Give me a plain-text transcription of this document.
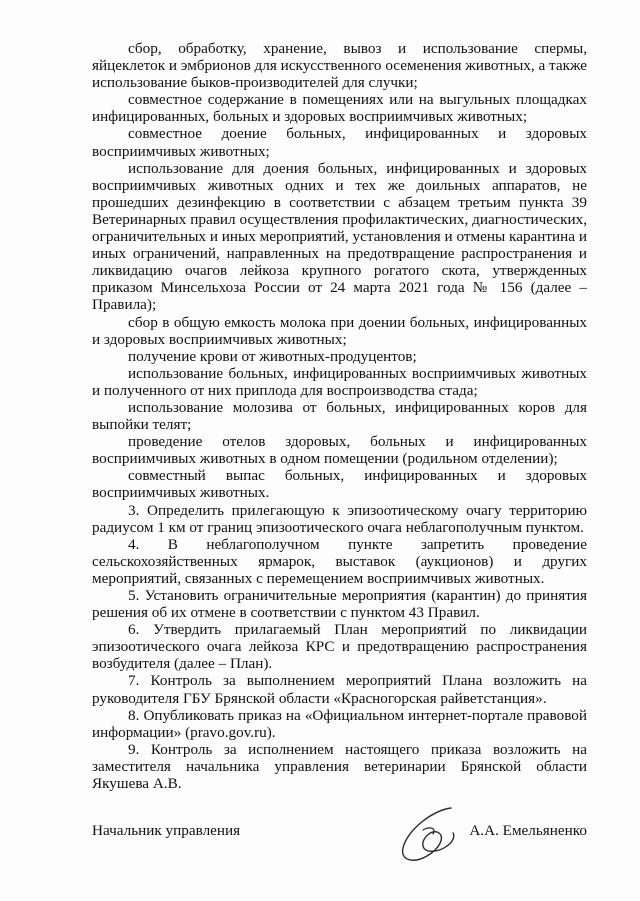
сбор, обработку, хранение, вывоз и использование спермы, яйцеклеток и эмбрионов для искусственного осеменения животных, а также использование быков-производителей для случки;

совместное содержание в помещениях или на выгульных площадках инфицированных, больных и здоровых восприимчивых животных;

совместное доение больных, инфицированных и здоровых восприимчивых животных;

использование для доения больных, инфицированных и здоровых восприимчивых животных одних и тех же доильных аппаратов, не прошедших дезинфекцию в соответствии с абзацем третьим пункта 39 Ветеринарных правил осуществления профилактических, диагностических, ограничительных и иных мероприятий, установления и отмены карантина и иных ограничений, направленных на предотвращение распространения и ликвидацию очагов лейкоза крупного рогатого скота, утвержденных приказом Минсельхоза России от 24 марта 2021 года № 156 (далее – Правила);

сбор в общую емкость молока при доении больных, инфицированных и здоровых восприимчивых животных;

получение крови от животных-продуцентов;

использование больных, инфицированных восприимчивых животных и полученного от них приплода для воспроизводства стада;

использование молозива от больных, инфицированных коров для выпойки телят;

проведение отелов здоровых, больных и инфицированных восприимчивых животных в одном помещении (родильном отделении);

совместный выпас больных, инфицированных и здоровых восприимчивых животных.

3. Определить прилегающую к эпизоотическому очагу территорию радиусом 1 км от границ эпизоотического очага неблагополучным пунктом.

4. В неблагополучном пункте запретить проведение сельскохозяйственных ярмарок, выставок (аукционов) и других мероприятий, связанных с перемещением восприимчивых животных.

5. Установить ограничительные мероприятия (карантин) до принятия решения об их отмене в соответствии с пунктом 43 Правил.

6. Утвердить прилагаемый План мероприятий по ликвидации эпизоотического очага лейкоза КРС и предотвращению распространения возбудителя (далее – План).

7. Контроль за выполнением мероприятий Плана возложить на руководителя ГБУ Брянской области «Красногорская райветстанция».

8. Опубликовать приказ на «Официальном интернет-портале правовой информации» (pravo.gov.ru).

9. Контроль за исполнением настоящего приказа возложить на заместителя начальника управления ветеринарии Брянской области Якушева А.В.

Начальник управления	А.А. Емельяненко
